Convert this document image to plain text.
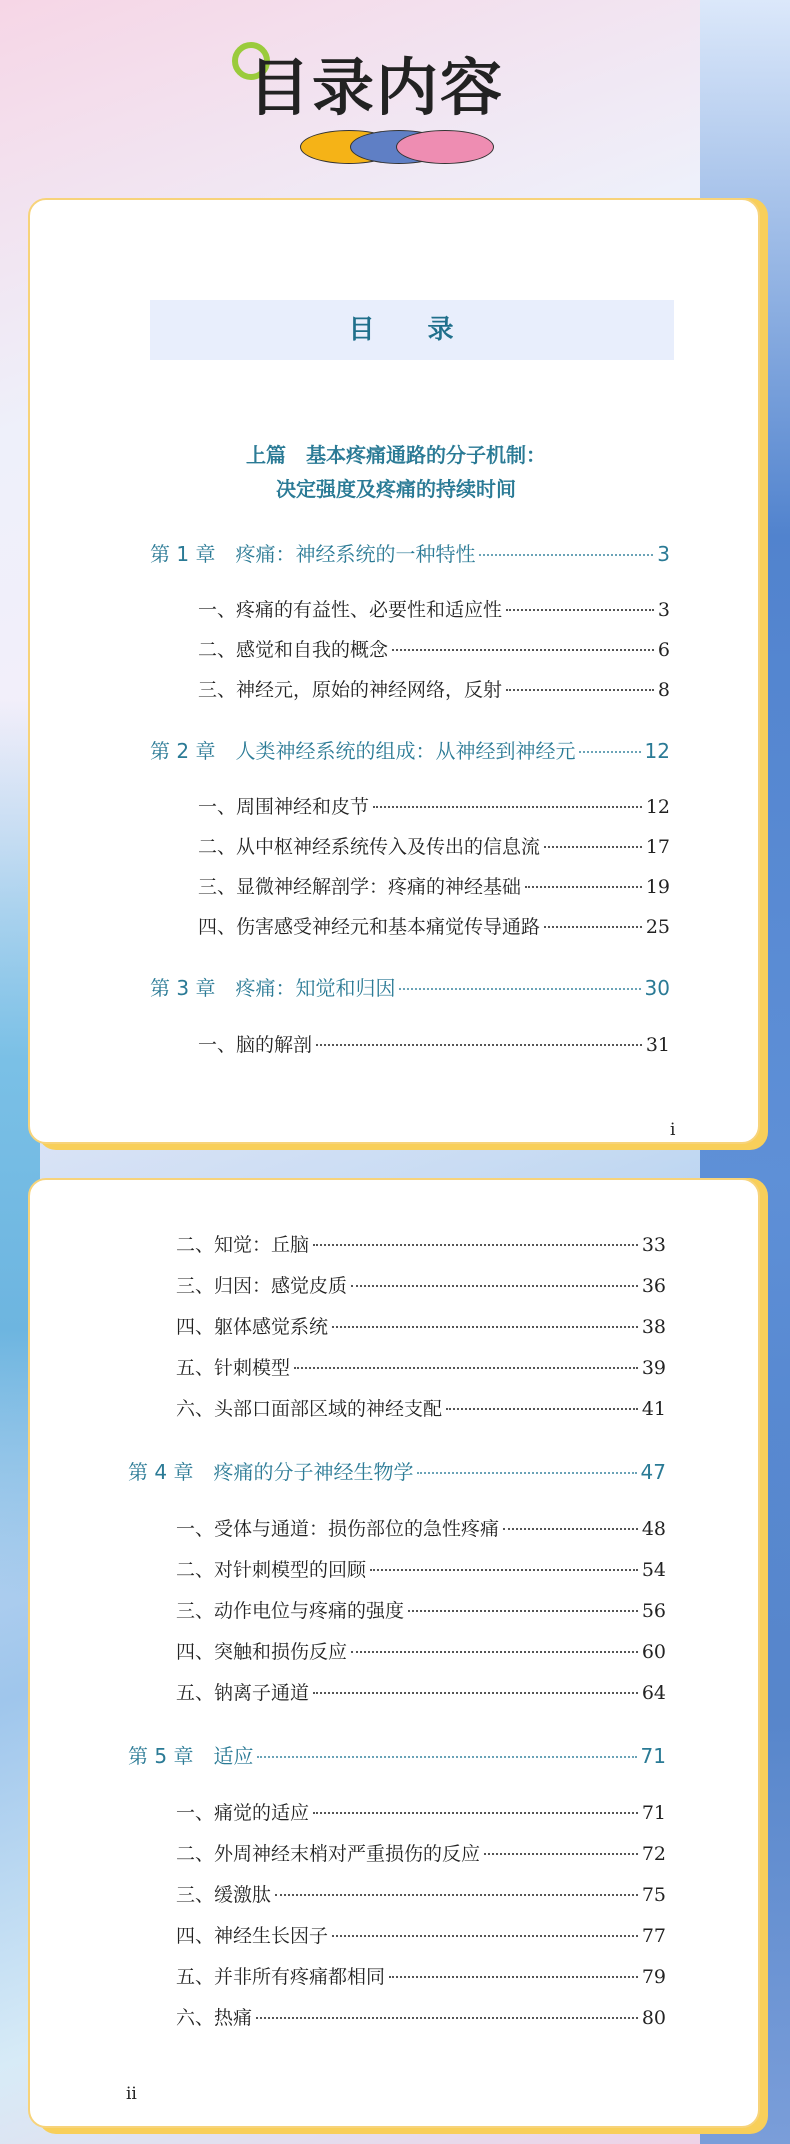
目录内容
目 录
上篇　基本疼痛通路的分子机制：
决定强度及疼痛的持续时间
第 1 章　疼痛：神经系统的一种特性	3
一、疼痛的有益性、必要性和适应性	3
二、感觉和自我的概念	6
三、神经元，原始的神经网络，反射	8
第 2 章　人类神经系统的组成：从神经到神经元	12
一、周围神经和皮节	12
二、从中枢神经系统传入及传出的信息流	17
三、显微神经解剖学：疼痛的神经基础	19
四、伤害感受神经元和基本痛觉传导通路	25
第 3 章　疼痛：知觉和归因	30
一、脑的解剖	31
i
二、知觉：丘脑	33
三、归因：感觉皮质	36
四、躯体感觉系统	38
五、针刺模型	39
六、头部口面部区域的神经支配	41
第 4 章　疼痛的分子神经生物学	47
一、受体与通道：损伤部位的急性疼痛	48
二、对针刺模型的回顾	54
三、动作电位与疼痛的强度	56
四、突触和损伤反应	60
五、钠离子通道	64
第 5 章　适应	71
一、痛觉的适应	71
二、外周神经末梢对严重损伤的反应	72
三、缓激肽	75
四、神经生长因子	77
五、并非所有疼痛都相同	79
六、热痛	80
ii
